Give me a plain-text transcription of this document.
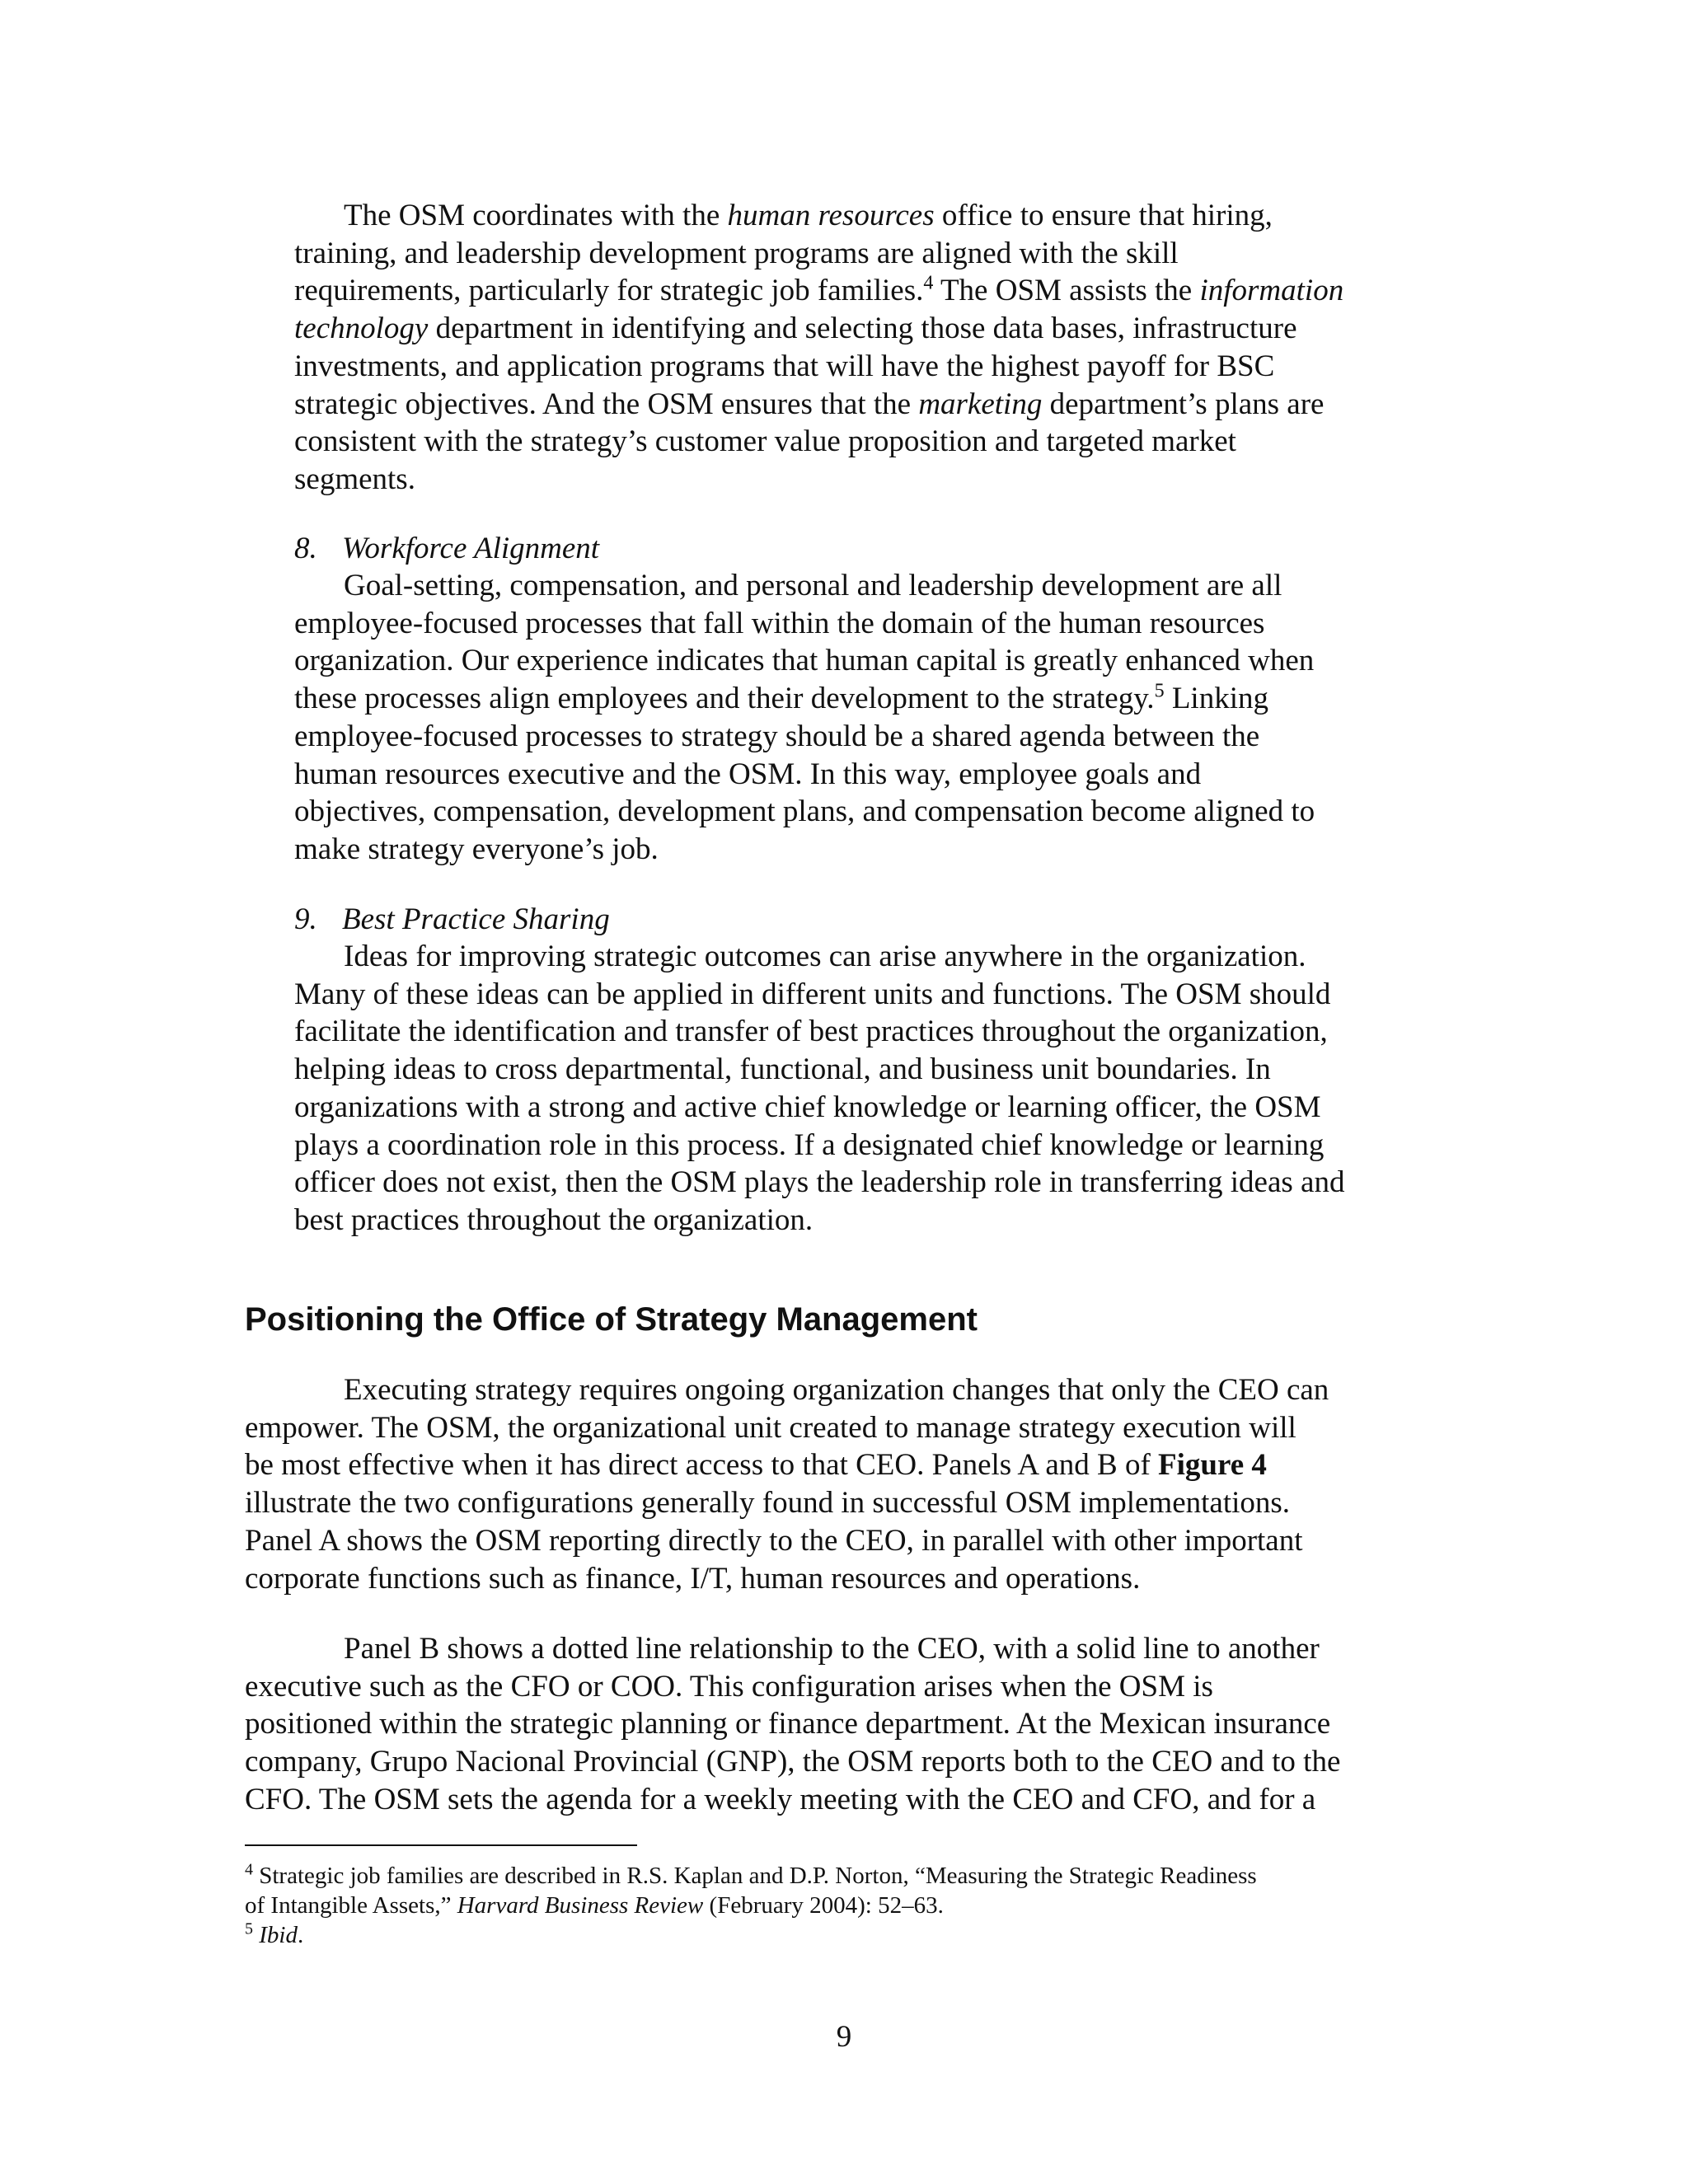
The OSM coordinates with the human resources office to ensure that hiring,
training, and leadership development programs are aligned with the skill
requirements, particularly for strategic job families.$^4$ The OSM assists the information
technology department in identifying and selecting those data bases, infrastructure
investments, and application programs that will have the highest payoff for BSC
strategic objectives. And the OSM ensures that the marketing department’s plans are
consistent with the strategy’s customer value proposition and targeted market
segments.

8. Workforce Alignment

Goal-setting, compensation, and personal and leadership development are all
employee-focused processes that fall within the domain of the human resources
organization. Our experience indicates that human capital is greatly enhanced when
these processes align employees and their development to the strategy.$^5$ Linking
employee-focused processes to strategy should be a shared agenda between the
human resources executive and the OSM. In this way, employee goals and
objectives, compensation, development plans, and compensation become aligned to
make strategy everyone’s job.

9. Best Practice Sharing

Ideas for improving strategic outcomes can arise anywhere in the organization.
Many of these ideas can be applied in different units and functions. The OSM should
facilitate the identification and transfer of best practices throughout the organization,
helping ideas to cross departmental, functional, and business unit boundaries. In
organizations with a strong and active chief knowledge or learning officer, the OSM
plays a coordination role in this process. If a designated chief knowledge or learning
officer does not exist, then the OSM plays the leadership role in transferring ideas and
best practices throughout the organization.

Positioning the Office of Strategy Management

Executing strategy requires ongoing organization changes that only the CEO can
empower. The OSM, the organizational unit created to manage strategy execution will
be most effective when it has direct access to that CEO. Panels A and B of Figure 4
illustrate the two configurations generally found in successful OSM implementations.
Panel A shows the OSM reporting directly to the CEO, in parallel with other important
corporate functions such as finance, I/T, human resources and operations.

Panel B shows a dotted line relationship to the CEO, with a solid line to another
executive such as the CFO or COO. This configuration arises when the OSM is
positioned within the strategic planning or finance department. At the Mexican insurance
company, Grupo Nacional Provincial (GNP), the OSM reports both to the CEO and to the
CFO. The OSM sets the agenda for a weekly meeting with the CEO and CFO, and for a

$^4$ Strategic job families are described in R.S. Kaplan and D.P. Norton, “Measuring the Strategic Readiness
of Intangible Assets,” Harvard Business Review (February 2004): 52–63.

$^5$ Ibid.

9
